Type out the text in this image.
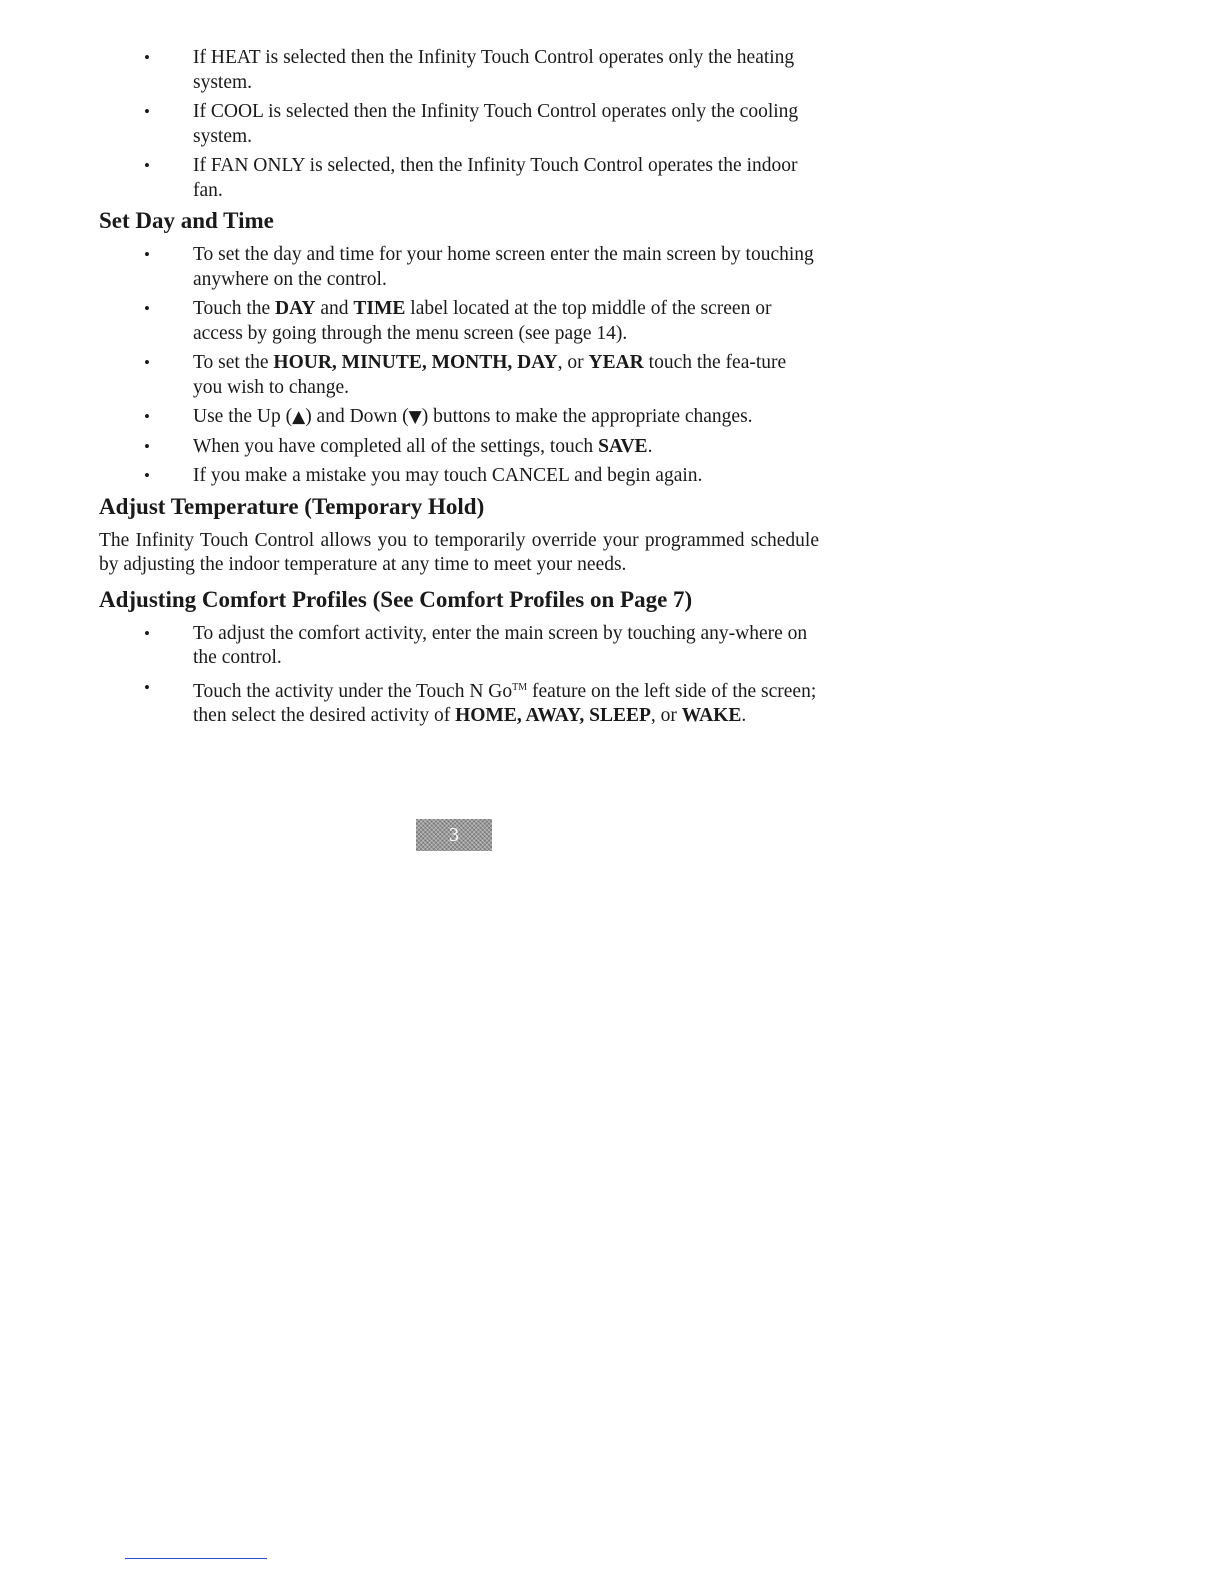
• If HEAT is selected then the Infinity Touch Control operates only the heating system.
• If COOL is selected then the Infinity Touch Control operates only the cooling system.
• If FAN ONLY is selected, then the Infinity Touch Control operates the indoor fan.
Set Day and Time
• To set the day and time for your home screen enter the main screen by touching anywhere on the control.
• Touch the DAY and TIME label located at the top middle of the screen or access by going through the menu screen (see page 14).
• To set the HOUR, MINUTE, MONTH, DAY, or YEAR touch the fea-ture you wish to change.
• Use the Up (▲) and Down (▼) buttons to make the appropriate changes.
• When you have completed all of the settings, touch SAVE.
• If you make a mistake you may touch CANCEL and begin again.
Adjust Temperature (Temporary Hold)

The Infinity Touch Control allows you to temporarily override your programmed schedule by adjusting the indoor temperature at any time to meet your needs.

Adjusting Comfort Profiles (See Comfort Profiles on Page 7)
• To adjust the comfort activity, enter the main screen by touching any-where on the control.
• Touch the activity under the Touch N Go™ feature on the left side of the screen; then select the desired activity of HOME, AWAY, SLEEP, or WAKE.
3
